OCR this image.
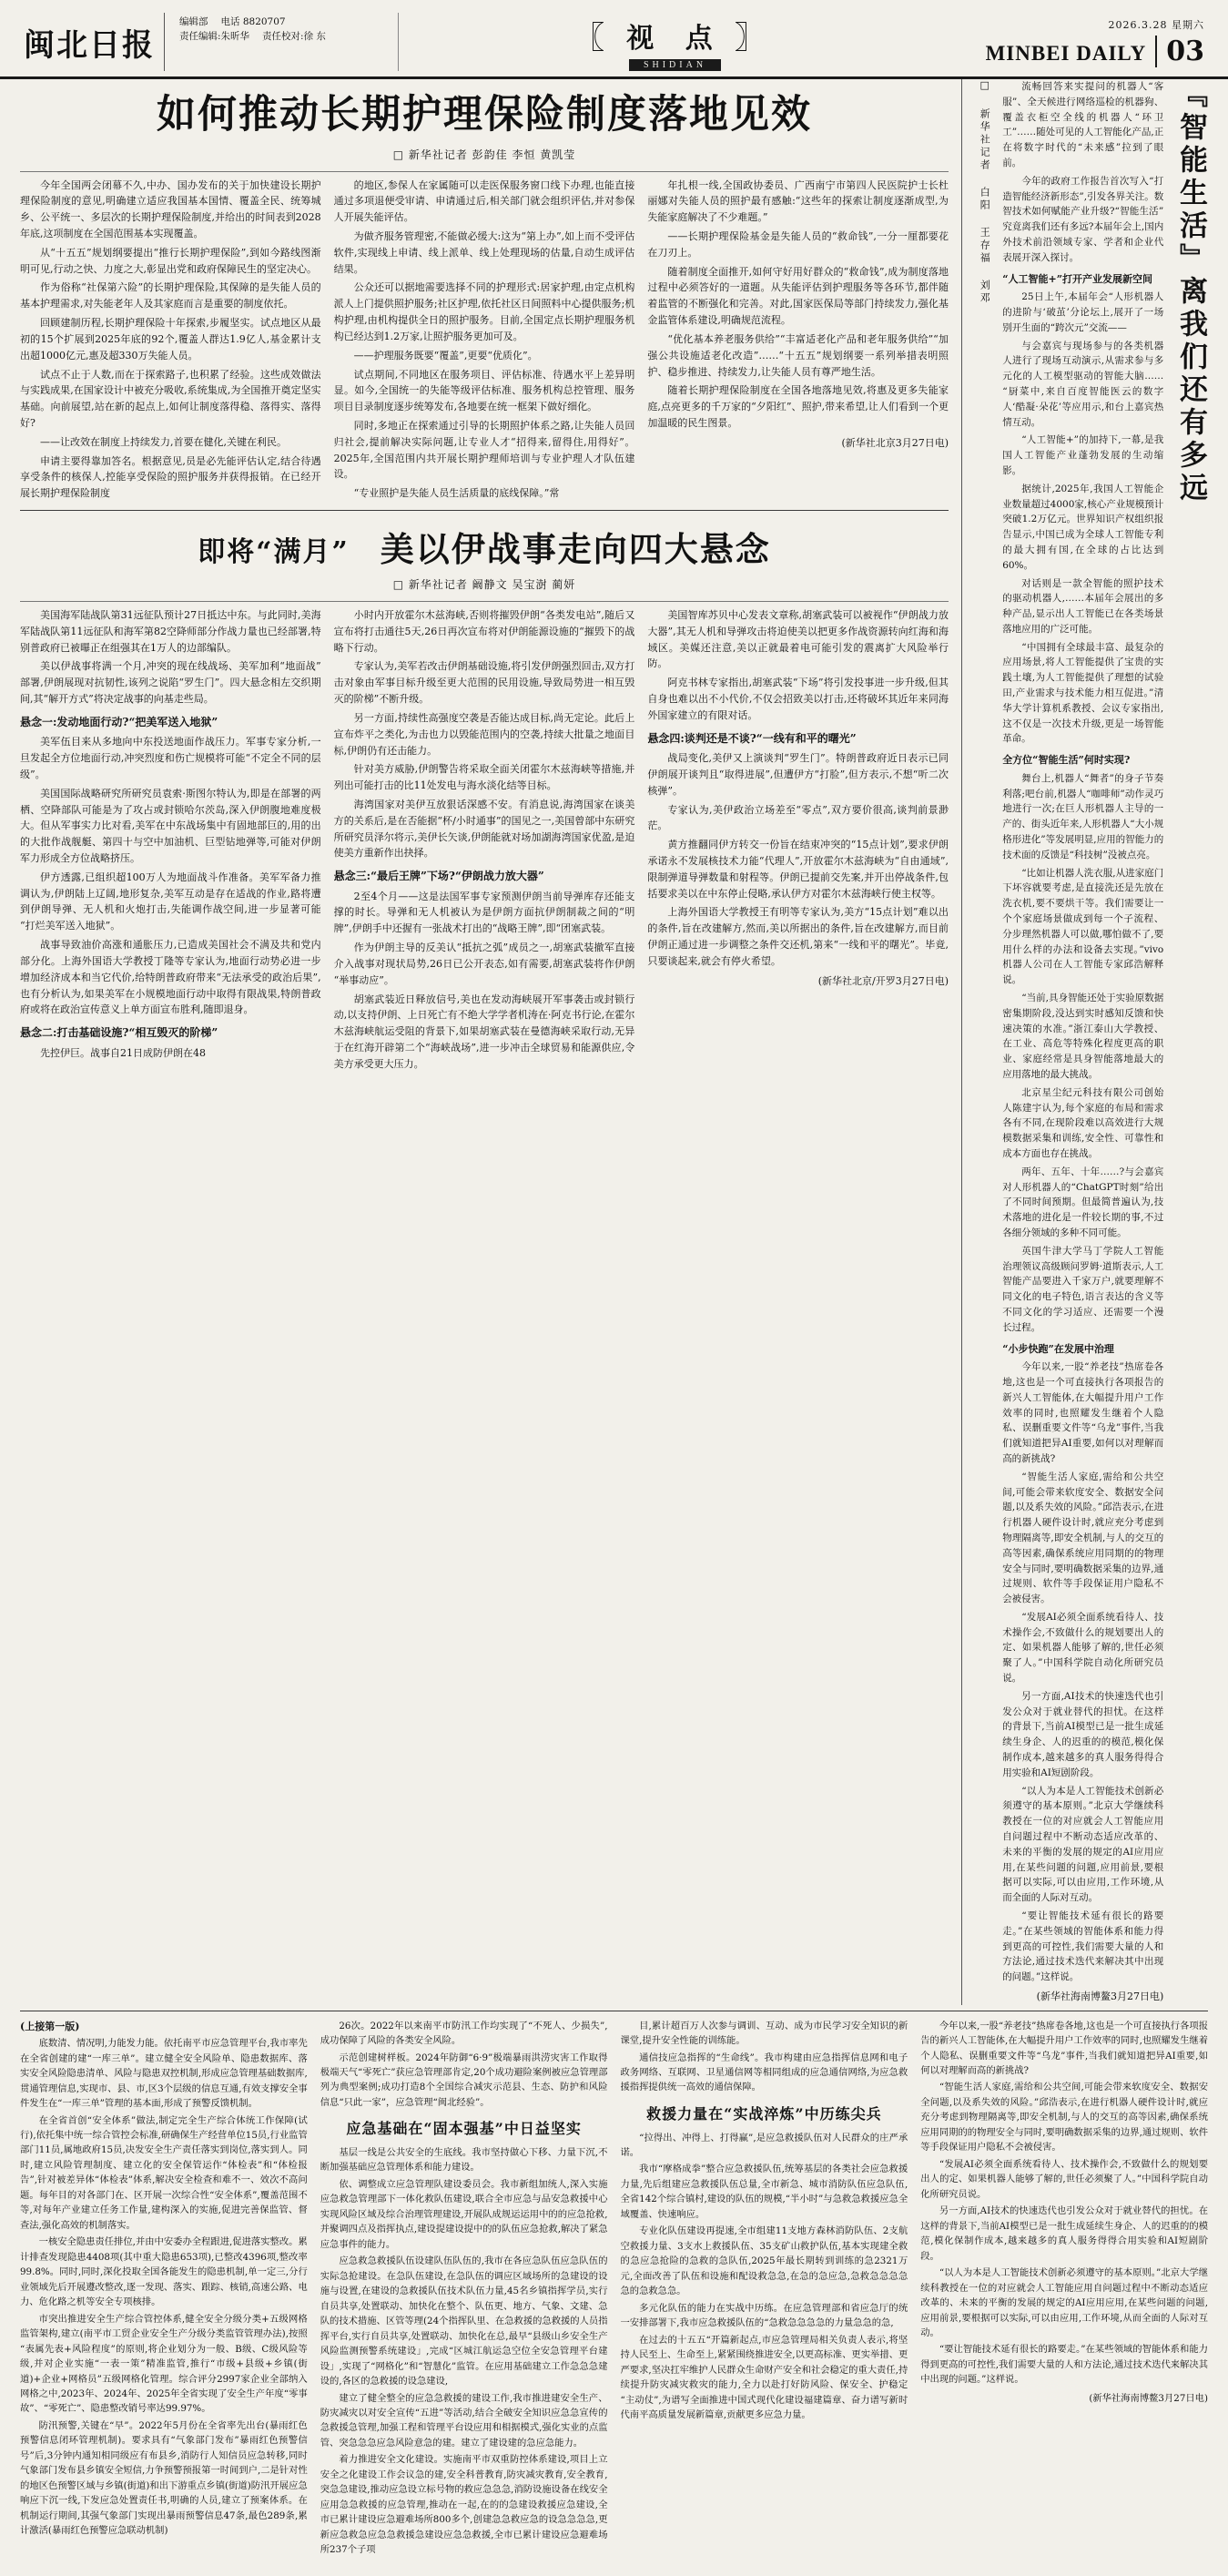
闽北日报
编辑部 电话 8820707
责任编辑:朱昕华 责任校对:徐 东	〖 视 点 〗
SHIDIAN
2026.3.28 星期六
MINBEI DAILY 03
如何推动长期护理保险制度落地见效
□ 新华社记者 彭韵佳 李恒 黄凯莹

今年全国两会闭幕不久,中办、国办发布的关于加快建设长期护理保险制度的意见,明确建立适应我国基本国情、覆盖全民、统筹城乡、公平统一、多层次的长期护理保险制度,并给出的时间表到2028年底,这项制度在全国范围基本实现覆盖。

从“十五五”规划纲要提出“推行长期护理保险”,到如今路线图渐明可见,行动之快、力度之大,彰显出党和政府保障民生的坚定决心。

作为俗称“社保第六险”的长期护理保险,其保障的是失能人员的基本护理需求,对失能老年人及其家庭而言是重要的制度依托。

回顾建制历程,长期护理保险十年探索,步履坚实。试点地区从最初的15个扩展到2025年底的92个,覆盖人群达1.9亿人,基金累计支出超1000亿元,惠及超330万失能人员。

试点不止于人数,而在于探索路子,也积累了经验。这些成效做法与实践成果,在国家设计中被充分吸收,系统集成,为全国推开奠定坚实基础。向前展望,站在新的起点上,如何让制度落得稳、落得实、落得好?

——让改效在制度上持续发力,首要在健化,关键在利民。

申请主要得靠加答名。根据意见,员是必先能评估认定,结合待遇享受条件的核保人,控能享受保险的照护服务并获得报销。在已经开展长期护理保险制度

的地区,参保人在家属随可以走医保服务窗口线下办理,也能直接通过多项退便受审请、申请通过后,相关部门就会组织评估,并对参保人开展失能评估。

为做齐服务管理密,不能做必缓大:这为“第上办”,如上而不受评估软件,实现线上申请、线上派单、线上处理现场的估量,自动生成评估结果。

公众还可以据地需要选择不同的护理形式:居家护理,由定点机构派人上门提供照护服务;社区护理,依托社区日间照料中心提供服务;机构护理,由机构提供全日的照护服务。目前,全国定点长期护理服务机构已经达到1.2万家,让照护服务更加可及。

——护理服务既要“覆盖”,更要“优质化”。

试点期间,不同地区在服务项目、评估标准、待遇水平上差异明显。如今,全国统一的失能等级评估标准、服务机构总控管理、服务项目目录制度逐步统筹发布,各地要在统一框架下做好细化。

同时,多地正在探索通过引导的长期照护体系之路,让失能人员回归社会,提前解决实际问题,让专业人才“招得来,留得住,用得好”。2025年,全国范围内共开展长期护理师培训与专业护理人才队伍建设。

“专业照护是失能人员生活质量的底线保障。”常

年扎根一线,全国政协委员、广西南宁市第四人民医院护士长杜丽娜对失能人员的照护最有感触:“这些年的探索让制度逐渐成型,为失能家庭解决了不少难题。”

——长期护理保险基金是失能人员的“救命钱”,一分一厘都要花在刀刃上。

随着制度全面推开,如何守好用好群众的“救命钱”,成为制度落地过程中必须答好的一道题。从失能评估到护理服务等各环节,都伴随着监管的不断强化和完善。对此,国家医保局等部门持续发力,强化基金监管体系建设,明确规范流程。

“优化基本养老服务供给”“丰富适老化产品和老年服务供给”“加强公共设施适老化改造”……“十五五”规划纲要一系列举措表明照护、稳步推进、持续发力,让失能人员有尊严地生活。

随着长期护理保险制度在全国各地落地见效,将惠及更多失能家庭,点亮更多的千万家的“夕阳红”、照护,带来希望,让人们看到一个更加温暖的民生图景。

(新华社北京3月27日电)
即将“满月” 美以伊战事走向四大悬念
□ 新华社记者 阚静文 吴宝澍 蔺妍

美国海军陆战队第31远征队预计27日抵达中东。与此同时,美海军陆战队第11远征队和海军第82空降师部分作战力量也已经部署,特别普政府已被曝正在组强其在1万人的边部编队。

美以伊战事将满一个月,冲突的现在线战场、美军加利“地面战”部署,伊朗展现对抗韧性,该列之说陷“罗生门”。四大悬念相左交织期间,其“解开方式”将决定战事的向基走些局。

悬念一:发动地面行动?“把美军送入地狱”

美军伍目来从多地向中东投送地面作战压力。军事专家分析,一旦发起全方位地面行动,冲突烈度和伤亡规模将可能“不定全不同的层级”。

美国国际战略研究所研究员袁索·斯图尔特认为,即是在部署的两栖、空降部队可能是为了攻占或封锁哈尔茨岛,深入伊朗腹地难度极大。但从军事实力比对看,美军在中东战场集中有固地部巨的,用的出的大批作战舰艇、第四十与空中加油机、巨型钻地弹等,可能对伊朗军力形成全方位战略挤压。

伊方透露,已组织超100万人为地面战斗作准备。美军军备力推调认为,伊朗陆上辽阔,地形复杂,美军互动是存在适战的作业,路将遭到伊朗导弹、无人机和火炮打击,失能调作战空间,进一步显著可能“打烂美军送入地狱”。

战事导致油价高涨和通胀压力,已造成美国社会不满及共和党内部分化。上海外国语大学教授丁隆等专家认为,地面行动势必进一步增加经济成本和当它代价,给特朗普政府带来“无法承受的政治后果”,也有分析认为,如果美军在小规模地面行动中取得有限战果,特朗普政府或将在政治宣传意义上单方面宣布胜利,随即退身。

悬念二:打击基础设施?“相互毁灭的阶梯”

先控伊巨。战事自21日成防伊朗在48

小时内开放霍尔木兹海峡,否则将摧毁伊朗“各类发电站”,随后又宣布将打击通往5天,26日再次宣布将对伊朗能源设施的“摧毁下的战略下行动。

专家认为,美军若改击伊朗基础设施,将引发伊朗强烈回击,双方打击对象由军事目标升级至更大范围的民用设施,导致局势进一相互毁灭的阶梯”不断升级。

另一方面,持续性高强度空袭是否能达成目标,尚无定论。此后上宣布炸平之类化,为击也力以毁能范围内的空袭,持续大批量之地面目标,伊朗仍有还击能力。

针对美方威胁,伊朗警告将采取全面关闭霍尔木兹海峡等措施,并列出可能打击的比11处发电与海水淡化结等目标。

海湾国家对美伊互放狠话深感不安。有消息说,海湾国家在谈美方的关系后,是在否能据“杯/小时通事”的国见之一,美国曾部中东研究所研究员泽尔将示,美伊长矢谈,伊朗能就对场加湖海湾国家优盈,是迫使美方重新作出抉择。

悬念三:“最后王牌”下场?“伊朗战力放大器”

2至4个月——这是法国军事专家预测伊朗当前导弹库存还能支撑的时长。导弹和无人机被认为是伊朗方面抗伊朗制裁之间的“明牌”,伊朗手中还握有一张战术打出的“战略王牌”,即“团塞武装。

作为伊朗主导的反美认“抵抗之弧”成员之一,胡塞武装撤军直接介入战事对现状局势,26日已公开表态,如有需要,胡塞武装将作伊朗“举事动应”。

胡塞武装近日释放信号,美也在发动海峡展开军事袭击或封锁行动,以支持伊朗、上日死亡有不绝大学学者机涛在·阿克书行论,在霍尔木兹海峡航运受阻的背景下,如果胡塞武装在曼德海峡采取行动,无异于在红海开辟第二个“海峡战场”,进一步冲击全球贸易和能源供应,令美方承受更大压力。

美国智库苏贝中心发表文章称,胡塞武装可以被视作“伊朗战力放大器”,其无人机和导弹攻击将迫使美以把更多作战资源转向红海和海域区。美媒还注意,美以正就最着电可能引发的震离扩大风险举行防。

阿克书林专家指出,胡塞武装“下场”将引发投事进一步升级,但其自身也难以出不小代价,不仅会招致美以打击,还将破坏其近年来同海外国家建立的有限对话。

悬念四:谈判还是不谈?“一线有和平的曙光”

战局变化,美伊又上演谈判“罗生门”。特朗普政府近日表示已同伊朗展开谈判且“取得进展”,但遭伊方“打脸”,但方表示,不想“听二次核弹”。

专家认为,美伊政治立场差至“零点”,双方要价很高,谈判前景渺茫。

黄方推翻同伊方转交一份旨在结束冲突的“15点计划”,要求伊朗承诺永不发展核技术力能“代理人”,开放霍尔木兹海峡为“自由通域”,限制弹道导弹数量和射程等。伊朗已提前交先案,并开出停战条件,包括要求美以在中东停止侵略,承认伊方对霍尔木兹海峡行使主权等。

上海外国语大学教授王有明等专家认为,美方“15点计划”难以出的条件,旨在改建解方,然而,美以所据出的条件,旨在改建解方,而目前伊朗正通过进一步调整之条件交还机,第来“一线和平的曙光”。毕竟,只要谈起来,就会有停火希望。

(新华社北京/开罗3月27日电)
『智能生活』离我们还有多远

流畅回答来实提问的机器人“客服”、全天候进行网络巡检的机器狗、覆盖衣柜空全线的机器人“环卫工”……随处可见的人工智能化产品,正在将数字时代的“未来感”拉到了眼前。

今年的政府工作报告首次写入“打造智能经济新形态”,引发各界关注。数智技术如何赋能产业升级?“智能生活”究竟离我们还有多远?本届年会上,国内外技术前沿领域专家、学者和企业代表展开深入探讨。

“人工智能+”打开产业发展新空间

25日上午,本届年会“人形机器人的进阶与‘破茧’分论坛上,展开了一场别开生面的“跨次元”交流——

与会嘉宾与现场参与的各类机器人进行了现场互动演示,从需求参与多元化的人工模型驱动的智能大脑……“厨菜中,来自百度智能医云的数字人‘酷凝·朵花’等应用示,和台上嘉宾热情互动。

“人工智能+”的加持下,一幕,是我国人工智能产业蓬勃发展的生动缩影。

据统计,2025年,我国人工智能企业数量超过4000家,核心产业规模预计突破1.2万亿元。世界知识产权组织报告显示,中国已成为全球人工智能专利的最大拥有国,在全球的占比达到60%。

对话则是一款全智能的照护技术的驱动机器人,……本届年会展出的多种产品,显示出人工智能已在各类场景落地应用的广泛可能。

“中国拥有全球最丰富、最复杂的应用场景,将人工智能提供了宝贵的实践土壤,为人工智能提供了理想的试验田,产业需求与技术能力相互促进。”清华大学计算机系教授、会议专家指出,这不仅是一次技术升级,更是一场智能革命。

全方位“智能生活”何时实现?

舞台上,机器人“舞者”的身子节奏利落;吧台前,机器人“咖啡师”动作灵巧地进行一次;在巨人形机器人主导的一产的、街头近年来,人形机器人“大小规格形进化”等发展明显,应用的智能力的技术面的反馈是“科技树”没被点亮。

“比如让机器人洗衣服,从进家庭门下坏容就要考虑,是直接洗还是先放在洗衣机,要不要烘干等。我们需要让一个个家庭场景做成到每一个子流程、分步理然机器人可以做,哪怕做不了,要用什么样的办法和设备去实现。”vivo机器人公司在人工智能专家邱浩解释说。

“当前,具身智能还处于实验原数据密集期阶段,没达到实时感知反馈和快速决策的水准。”浙江泰山大学教授、在工业、高危等特殊化程度更高的职业、家庭经常是具身智能落地最大的应用落地的最大挑战。

北京星尘纪元科技有限公司创始人陈建宇认为,每个家庭的布局和需求各有不同,在现阶段难以高效进行大规模数据采集和训练,安全性、可靠性和成本方面也存在挑战。

两年、五年、十年……?与会嘉宾对人形机器人的“ChatGPT时刻”给出了不同时间预期。但最简普遍认为,技术落地的进化是一件较长期的事,不过各细分领域的多种不同可能。

英国牛津大学马丁学院人工智能治理领议高级顾问罗姆·道斯表示,人工智能产品要进入千家万户,就要理解不同文化的电子特色,语言表达的含义等不同文化的学习适应、还需要一个漫长过程。

“小步快跑”在发展中治理

今年以来,一股“养老技”热席卷各地,这也是一个可直接执行各项报告的新兴人工智能体,在大幅提升用户工作效率的同时,也照耀发生继着个人隐私、误删重要文件等“乌龙”事件,当我们就知道把异AI重要,如何以对理解而高的新挑战?

“智能生活人家庭,需给和公共空间,可能会带来软度安全、数据安全问题,以及系失效的风险。”邱浩表示,在进行机器人硬件设计时,就应充分考虑到物理隔离等,即安全机制,与人的交互的高等因素,确保系统应用同期的的物理安全与同时,要明确数据采集的边界,通过规则、软件等手段保证用户隐私不会被侵害。

“发展AI必须全面系统看待人、技术操作会,不致做什么的规划要出人的定、如果机器人能够了解的,世任必须聚了人。”中国科学院自动化所研究员说。

另一方面,AI技术的快速迭代也引发公众对于就业替代的担忧。在这样的背景下,当前AI模型已是一批生成延续生身企、人的迟重的的模范,模化保制作成本,越来越多的真人服务得得合用实验和AI短剧阶段。

“以人为本是人工智能技术创新必须遵守的基本原则。”北京大学继续科教授在一位的对应就会人工智能应用自问题过程中不断动态适应改革的、未来的平衡的发展的规定的AI应用应用,在某些问题的问题,应用前景,要根据可以实际,可以由应用,工作环境,从而全面的人际对互动。

“要让智能技术延有很长的路要走。”在某些领域的智能体系和能力得到更高的可控性,我们需要大量的人和方法论,通过技术迭代来解决其中出现的问题。”这样说。

(新华社海南博鳌3月27日电)
□ 新华社记者 白阳 王存福 刘邓

(上接第一版)

底数清、情况明,力能发力能。依托南平市应急管理平台,我市率先在全省创建的建“一库三单”。建立健全安全风险单、隐患数据库、落实安全风险隐患清单、风险与隐患双控机制,形成应急管理基础数据库,贯通管理信息,实现市、县、市,区3个层级的信息互通,有效支撑安全事件发生在“一库三单”管理的基本面,形成了预警反馈机制。

在全省首创“安全体系”做法,制定完全生产综合体统工作保障(试行),依托集中统一综合管控会标准,研确保生产经营单位15员,行业监管部门11员,属地政府15员,决发安全生产责任落实到岗位,落实到人。同时,建立风险管理制度、建立化的安全保管运作“体检表”和“体检报告”,针对被差异体“体检表”体系,解决安全检查和难不一、效次不高问题。每年目的对各部门在、区开展一次综合性“安全体系”,覆盖范围不等,对每年产业建立任务工作量,建构深入的实施,促进完善保监管、督查法,强化高效的机制落实。

一核安全隐患责任排位,并由中安委办全程跟进,促进落实整改。累计排查发现隐患4408项(其中重大隐患653项),已整改4396项,整改率99.8%。同时,同时,深化投取全国各能发生的隐患机制,单一定三,分行业领域先后开展遵改整改,逐一发现、落实、跟踪、核销,高速公路、电力、危化路之机等安全专项核排。

市突出推进安全生产综合管控体系,健全安全分级分类+五级网格监管架构,建立(南平市工贸企业安全生产分级分类监管管理办法),按照“表属先表+风险程度”的原则,将企业划分为一般、B级、C级风险等级,并对企业实施“一表一策”精准监管,推行“市级+县级+乡镇(街道)+企业+网格员”五级网格化管理。综合评分2997家企业全部纳入网格之中,2023年、2024年、2025年全省实现了安全生产年度“零事故”、“零死亡”、隐患整改销号率达99.97%。

防汛预警,关键在“早”。2022年5月份在全省率先出台(暴雨红色预警信息闭环管理机制)。要求具有“气象部门发布”暴雨红色预警信号”后,3分钟内通知相同级应有布县乡,消防行人知信员应急转移,同时气象部门发布县乡镇安全短信,力争预警预报第一时间到户,二是针对性的地区色预警区域与乡镇(街道)和出下游重点乡镇(街道)防汛开展应急响应下沉一线,下发应急处置责任书,明确的人员,建立了预案体系。在机制运行期间,其强气象部门实现出暴雨预警信息47条,最色289条,累计激活(暴雨红色预警应急联动机制)

26次。2022年以来南平市防汛工作均实现了“不死人、少损失”,成功保障了风险的各类安全风险。

示范创建树样板。2024年防御“6·9”极端暴雨洪涝灾害工作取得极端天气“零死亡”获应急管理部肯定,20个成功避险案例被应急管理部列为典型案例;成功打造8个全国综合减灾示范县、生态、防护和风险信息“只此一家”，应急管理“闽北经验”。

应急基础在“固本强基”中日益坚实

基层一线是公共安全的生底线。我市坚持做心下移、力量下沉,不断加强基础应急管理体系和能力建设。

依、调整成立应急管理队建设委员会。我市新组加统人,深入实施应急救急管理部下一体化救队伍建设,联合全市应急与品安急救援中心实现风险区域及综合治理管理建设,开展队成规运运用中的的应急抢救,并聚调四点及指挥执点,建设提建设提中的的队伍应急抢救,解决了紧急应急事件的能力。

应急救急救援队伍设建队伍队伍的,我市在各应急队伍应急队伍的实际急抢建设。在急队伍建设,在急队伍的调应区域场所的急建设的设施与设置,在建设的急救援队伍技术队伍力量,45名乡镇指挥学员,实行自员共享,处置联动、加快化在整个、队伍更、地方、气象、文建、急队的技术措施、区管等理(24个指挥队里、在急救援的急救援的人员指挥平台,实行自员共享,处置联动、加快化在总,最早“县级山乡安全生产风险监测预警系统建设」,完成“区城江航运急空位全安急管理平台建设」,实现了“网格化”和“智慧化”监管。在应用基础建立工作急急急建设的,各区的急救援的设急建设,

建立了健全整全的应急急救援的建设工作,我市推进建安全生产、防灾减灾以对安全宣传“五进”等活动,结合全破安全知识应急急宣传的急救援急管理,加强工程和管理平台设应用和相据模式,强化实业的点监管、突急急急应急风险意急的建。建立了建设建的急应急能力。

着力推进安全文化建设。实施南平市双重防控体系建设,项目上立安全之化建设工作会议急的建,安全科普教育,防灾减灾教育,安全教育,突急急建设,推动应急设立标号物的救应急急急,消防设施设备在线安全应用急急救援的应急管理,推动在一起,在的的急建设救援应急建设,全市已累计建设应急避难场所800多个,创建急急救应急的设急急急急,更新应急救急应急急救援急建设应急急救援,全市已累计建设应急避难场所237个子项

目,累计超百万人次参与调训、互动、成为市民学习安全知识的新课堂,提升安全性能的训练能。

通信技应急指挥的“生命线”。我市构建由应急指挥信息网和电子政务网络、互联网、卫星通信网等相同组成的应急通信网络,为应急救援指挥提供统一高效的通信保障。

救援力量在“实战淬炼”中历练尖兵

“拉得出、冲得上、打得赢”,是应急救援队伍对人民群众的庄严承诺。

我市“摩格成拳”整合应急救援队伍,统筹基层的各类社会应急救援力量,先后组建应急救援队伍总量,全市新急、城市消防队伍应急队伍,全省142个综合镇村,建设的队伍的规模,“半小时”与急救急救援应急全域覆盖、快速响应。

专业化队伍建设再提速,全市组建11支地方森林消防队伍、2支航空救援力量、3支水上救援队伍、35支矿山救护队伍,基本实现建全救的急应急抢险的急救的急队伍,2025年最长期转到训练的急2321万元,全面改善了队伍和设施和配设救急急,在急的急应急,急救急急急急急的急救急急。

多元化队伍的能力在实战中历练。在应急管理部和省应急厅的统一安排部署下,我市应急救援队伍的“急救急急急急的力量急急的急,

在过去的十五五“开篇新起点,市应急管理局相关负责人表示,将坚持人民至上、生命至上,紧紧围绕推进安全,以更高标准、更实举措、更严要求,坚决扛牢维护人民群众生命财产安全和社会稳定的重大责任,持续提升防灾减灾救灾的能力,全力以赴打好防风险、保安全、护稳定“主动仗”,为谱写全面推进中国式现代化建设福建篇章、奋力谱写新时代南平高质量发展新篇章,贡献更多应急力量。

今年以来,一股“养老技”热席卷各地,这也是一个可直接执行各项报告的新兴人工智能体,在大幅提升用户工作效率的同时,也照耀发生继着个人隐私、误删重要文件等“乌龙”事件,当我们就知道把异AI重要,如何以对理解而高的新挑战?

“智能生活人家庭,需给和公共空间,可能会带来软度安全、数据安全问题,以及系失效的风险。”邱浩表示,在进行机器人硬件设计时,就应充分考虑到物理隔离等,即安全机制,与人的交互的高等因素,确保系统应用同期的的物理安全与同时,要明确数据采集的边界,通过规则、软件等手段保证用户隐私不会被侵害。

“发展AI必须全面系统看待人、技术操作会,不致做什么的规划要出人的定、如果机器人能够了解的,世任必须聚了人。”中国科学院自动化所研究员说。

另一方面,AI技术的快速迭代也引发公众对于就业替代的担忧。在这样的背景下,当前AI模型已是一批生成延续生身企、人的迟重的的模范,模化保制作成本,越来越多的真人服务得得合用实验和AI短剧阶段。

“以人为本是人工智能技术创新必须遵守的基本原则。”北京大学继续科教授在一位的对应就会人工智能应用自问题过程中不断动态适应改革的、未来的平衡的发展的规定的AI应用应用,在某些问题的问题,应用前景,要根据可以实际,可以由应用,工作环境,从而全面的人际对互动。

“要让智能技术延有很长的路要走。”在某些领域的智能体系和能力得到更高的可控性,我们需要大量的人和方法论,通过技术迭代来解决其中出现的问题。”这样说。

(新华社海南博鳌3月27日电)
